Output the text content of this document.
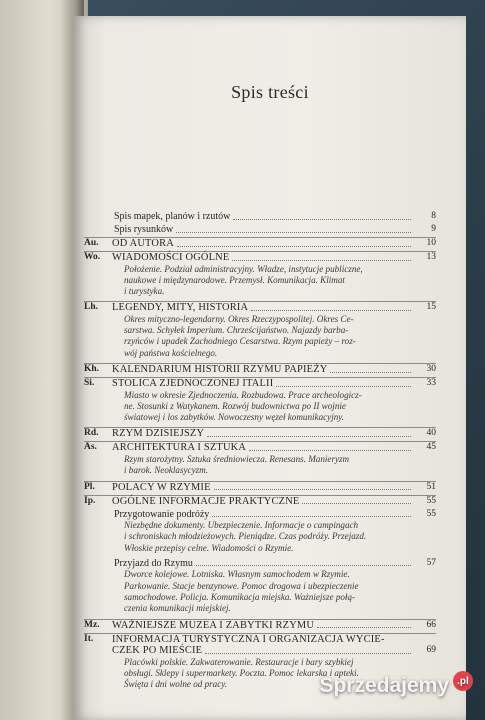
Spis treści
Spis mapek, planów i rzutów	8
Spis rysunków	9
Au.	OD AUTORA	10
Wo.	WIADOMOŚCI OGÓLNE	13
Położenie. Podział administracyjny. Władze, instytucje publiczne,
naukowe i międzynarodowe. Przemysł. Komunikacja. Klimat
i turystyka.
Lh.	LEGENDY, MITY, HISTORIA	15
Okres mityczno-legendarny. Okres Rzeczypospolitej. Okres Ce-
sarstwa. Schyłek Imperium. Chrześcijaństwo. Najazdy barba-
rzyńców i upadek Zachodniego Cesarstwa. Rzym papieży – roz-
wój państwa kościelnego.
Kh.	KALENDARIUM HISTORII RZYMU PAPIEŻY	30
Si.	STOLICA ZJEDNOCZONEJ ITALII	33
Miasto w okresie Zjednoczenia. Rozbudowa. Prace archeologicz-
ne. Stosunki z Watykanem. Rozwój budownictwa po II wojnie
światowej i los zabytków. Nowoczesny węzeł komunikacyjny.
Rd.	RZYM DZISIEJSZY	40
As.	ARCHITEKTURA I SZTUKA	45
Rzym starożytny. Sztuka średniowiecza. Renesans. Manieryzm
i barok. Neoklasycyzm.
Pl.	POLACY W RZYMIE	51
Ip.	OGÓLNE INFORMACJE PRAKTYCZNE	55
Przygotowanie podróży	55
Niezbędne dokumenty. Ubezpieczenie. Informacje o campingach
i schroniskach młodzieżowych. Pieniądze. Czas podróży. Przejazd.
Włoskie przepisy celne. Wiadomości o Rzymie.
Przyjazd do Rzymu	57
Dworce kolejowe. Lotniska. Własnym samochodem w Rzymie.
Parkowanie. Stacje benzynowe. Pomoc drogowa i ubezpieczenie
samochodowe. Policja. Komunikacja miejska. Ważniejsze połą-
czenia komunikacji miejskiej.
Mz.	WAŻNIEJSZE MUZEA I ZABYTKI RZYMU	66
It.	INFORMACJA TURYSTYCZNA I ORGANIZACJA WYCIE-
CZEK PO MIEŚCIE	69
Placówki polskie. Zakwaterowanie. Restauracje i bary szybkiej
obsługi. Sklepy i supermarkety. Poczta. Pomoc lekarska i apteki.
Święta i dni wolne od pracy.	Sprzedajemy .pl
